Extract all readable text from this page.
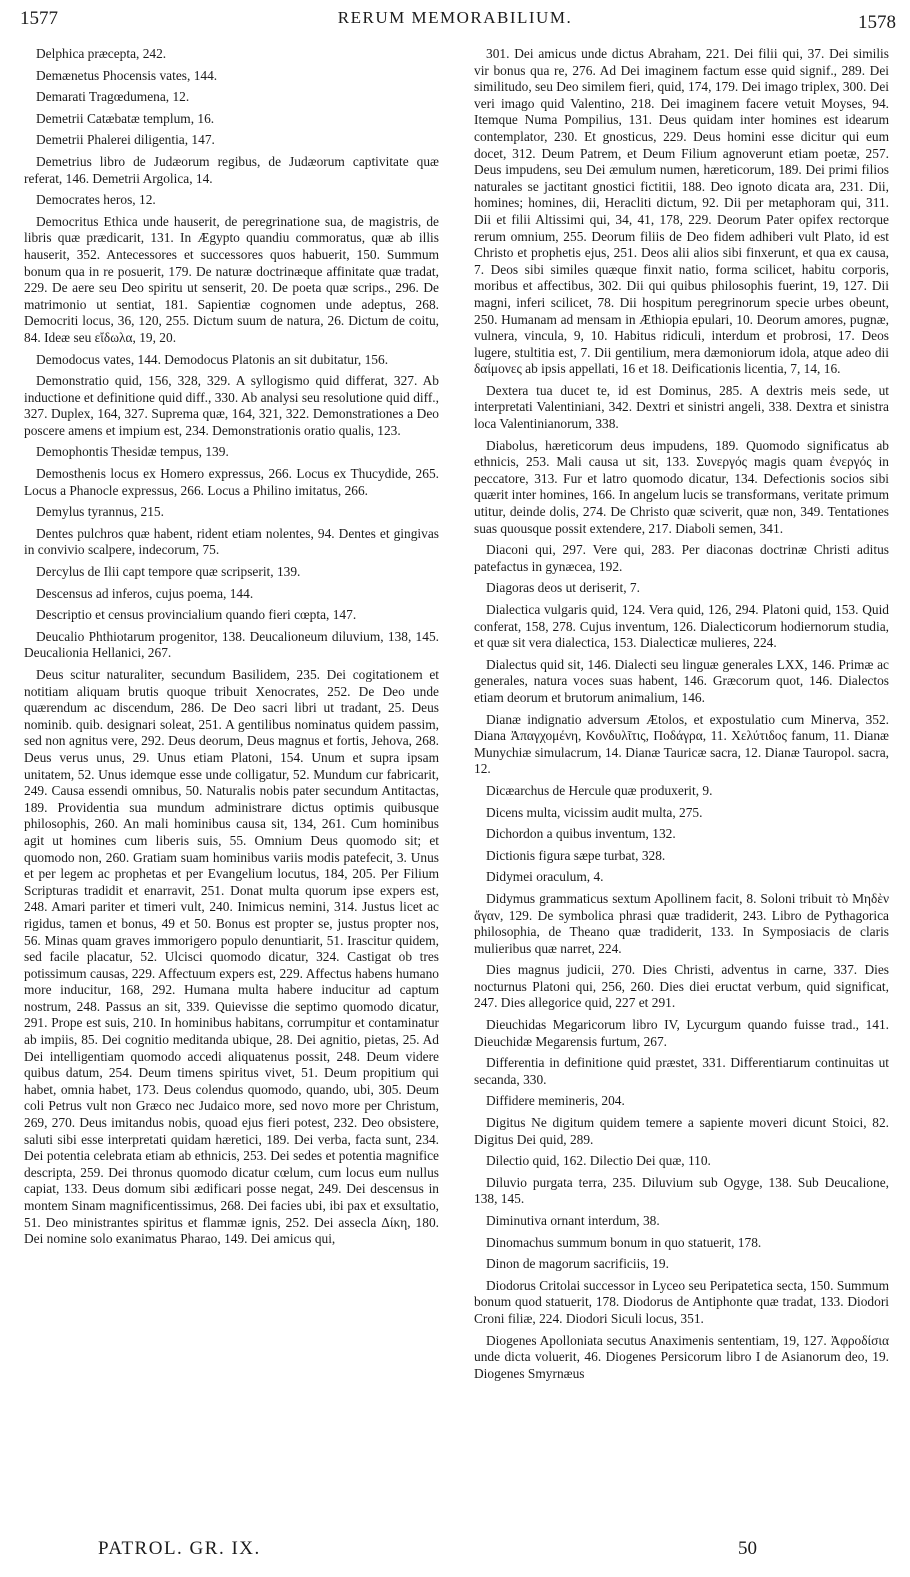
1577	RERUM MEMORABILIUM.	1578

Delphica præcepta, 242.

Demænetus Phocensis vates, 144.

Demarati Tragœdumena, 12.

Demetrii Catæbatæ templum, 16.

Demetrii Phalerei diligentia, 147.

Demetrius libro de Judæorum regibus, de Judæorum captivitate quæ referat, 146. Demetrii Argolica, 14.

Democrates heros, 12.

Democritus Ethica unde hauserit, de peregrinatione sua, de magistris, de libris quæ prædicarit, 131. In Ægypto quandiu commoratus, quæ ab illis hauserit, 352. Antecessores et successores quos habuerit, 150. Summum bonum qua in re posuerit, 179. De naturæ doctrinæque affinitate quæ tradat, 229. De aere seu Deo spiritu ut senserit, 20. De poeta quæ scrips., 296. De matrimonio ut sentiat, 181. Sapientiæ cognomen unde adeptus, 268. Democriti locus, 36, 120, 255. Dictum suum de natura, 26. Dictum de coitu, 84. Ideæ seu εἴδωλα, 19, 20.

Demodocus vates, 144. Demodocus Platonis an sit dubitatur, 156.

Demonstratio quid, 156, 328, 329. A syllogismo quid differat, 327. Ab inductione et definitione quid diff., 330. Ab analysi seu resolutione quid diff., 327. Duplex, 164, 327. Suprema quæ, 164, 321, 322. Demonstrationes a Deo poscere amens et impium est, 234. Demonstrationis oratio qualis, 123.

Demophontis Thesidæ tempus, 139.

Demosthenis locus ex Homero expressus, 266. Locus ex Thucydide, 265. Locus a Phanocle expressus, 266. Locus a Philino imitatus, 266.

Demylus tyrannus, 215.

Dentes pulchros quæ habent, rident etiam nolentes, 94. Dentes et gingivas in convivio scalpere, indecorum, 75.

Dercylus de Ilii capt tempore quæ scripserit, 139.

Descensus ad inferos, cujus poema, 144.

Descriptio et census provincialium quando fieri cœpta, 147.

Deucalio Phthiotarum progenitor, 138. Deucalioneum diluvium, 138, 145. Deucalionia Hellanici, 267.

Deus scitur naturaliter, secundum Basilidem, 235. Dei cogitationem et notitiam aliquam brutis quoque tribuit Xenocrates, 252. De Deo unde quærendum ac discendum, 286. De Deo sacri libri ut tradant, 25. Deus nominib. quib. designari soleat, 251. A gentilibus nominatus quidem passim, sed non agnitus vere, 292. Deus deorum, Deus magnus et fortis, Jehova, 268. Deus verus unus, 29. Unus etiam Platoni, 154. Unum et supra ipsam unitatem, 52. Unus idemque esse unde colligatur, 52. Mundum cur fabricarit, 249. Causa essendi omnibus, 50. Naturalis nobis pater secundum Antitactas, 189. Providentia sua mundum administrare dictus optimis quibusque philosophis, 260. An mali hominibus causa sit, 134, 261. Cum hominibus agit ut homines cum liberis suis, 55. Omnium Deus quomodo sit; et quomodo non, 260. Gratiam suam hominibus variis modis patefecit, 3. Unus et per legem ac prophetas et per Evangelium locutus, 184, 205. Per Filium Scripturas tradidit et enarravit, 251. Donat multa quorum ipse expers est, 248. Amari pariter et timeri vult, 240. Inimicus nemini, 314. Justus licet ac rigidus, tamen et bonus, 49 et 50. Bonus est propter se, justus propter nos, 56. Minas quam graves immorigero populo denuntiarit, 51. Irascitur quidem, sed facile placatur, 52. Ulcisci quomodo dicatur, 324. Castigat ob tres potissimum causas, 229. Affectuum expers est, 229. Affectus habens humano more inducitur, 168, 292. Humana multa habere inducitur ad captum nostrum, 248. Passus an sit, 339. Quievisse die septimo quomodo dicatur, 291. Prope est suis, 210. In hominibus habitans, corrumpitur et contaminatur ab impiis, 85. Dei cognitio meditanda ubique, 28. Dei agnitio, pietas, 25. Ad Dei intelligentiam quomodo accedi aliquatenus possit, 248. Deum videre quibus datum, 254. Deum timens spiritus vivet, 51. Deum propitium qui habet, omnia habet, 173. Deus colendus quomodo, quando, ubi, 305. Deum coli Petrus vult non Græco nec Judaico more, sed novo more per Christum, 269, 270. Deus imitandus nobis, quoad ejus fieri potest, 232. Deo obsistere, saluti sibi esse interpretati quidam hæretici, 189. Dei verba, facta sunt, 234. Dei potentia celebrata etiam ab ethnicis, 253. Dei sedes et potentia magnifice descripta, 259. Dei thronus quomodo dicatur cœlum, cum locus eum nullus capiat, 133. Deus domum sibi ædificari posse negat, 249. Dei descensus in montem Sinam magnificentissimus, 268. Dei facies ubi, ibi pax et exsultatio, 51. Deo ministrantes spiritus et flammæ ignis, 252. Dei assecla Δίκη, 180. Dei nomine solo exanimatus Pharao, 149. Dei amicus qui,

301. Dei amicus unde dictus Abraham, 221. Dei filii qui, 37. Dei similis vir bonus qua re, 276. Ad Dei imaginem factum esse quid signif., 289. Dei similitudo, seu Deo similem fieri, quid, 174, 179. Dei imago triplex, 300. Dei veri imago quid Valentino, 218. Dei imaginem facere vetuit Moyses, 94. Itemque Numa Pompilius, 131. Deus quidam inter homines est idearum contemplator, 230. Et gnosticus, 229. Deus homini esse dicitur qui eum docet, 312. Deum Patrem, et Deum Filium agnoverunt etiam poetæ, 257. Deus impudens, seu Dei æmulum numen, hæreticorum, 189. Dei primi filios naturales se jactitant gnostici fictitii, 188. Deo ignoto dicata ara, 231. Dii, homines; homines, dii, Heracliti dictum, 92. Dii per metaphoram qui, 311. Dii et filii Altissimi qui, 34, 41, 178, 229. Deorum Pater opifex rectorque rerum omnium, 255. Deorum filiis de Deo fidem adhiberi vult Plato, id est Christo et prophetis ejus, 251. Deos alii alios sibi finxerunt, et qua ex causa, 7. Deos sibi similes quæque finxit natio, forma scilicet, habitu corporis, moribus et affectibus, 302. Dii qui quibus philosophis fuerint, 19, 127. Dii magni, inferi scilicet, 78. Dii hospitum peregrinorum specie urbes obeunt, 250. Humanam ad mensam in Æthiopia epulari, 10. Deorum amores, pugnæ, vulnera, vincula, 9, 10. Habitus ridiculi, interdum et probrosi, 17. Deos lugere, stultitia est, 7. Dii gentilium, mera dæmoniorum idola, atque adeo dii δαίμονες ab ipsis appellati, 16 et 18. Deificationis licentia, 7, 14, 16.

Dextera tua ducet te, id est Dominus, 285. A dextris meis sede, ut interpretati Valentiniani, 342. Dextri et sinistri angeli, 338. Dextra et sinistra loca Valentinianorum, 338.

Diabolus, hæreticorum deus impudens, 189. Quomodo significatus ab ethnicis, 253. Mali causa ut sit, 133. Συνεργός magis quam ἐνεργός in peccatore, 313. Fur et latro quomodo dicatur, 134. Defectionis socios sibi quærit inter homines, 166. In angelum lucis se transformans, veritate primum utitur, deinde dolis, 274. De Christo quæ sciverit, quæ non, 349. Tentationes suas quousque possit extendere, 217. Diaboli semen, 341.

Diaconi qui, 297. Vere qui, 283. Per diaconas doctrinæ Christi aditus patefactus in gynæcea, 192.

Diagoras deos ut deriserit, 7.

Dialectica vulgaris quid, 124. Vera quid, 126, 294. Platoni quid, 153. Quid conferat, 158, 278. Cujus inventum, 126. Dialecticorum hodiernorum studia, et quæ sit vera dialectica, 153. Dialecticæ mulieres, 224.

Dialectus quid sit, 146. Dialecti seu linguæ generales LXX, 146. Primæ ac generales, natura voces suas habent, 146. Græcorum quot, 146. Dialectos etiam deorum et brutorum animalium, 146.

Dianæ indignatio adversum Ætolos, et expostulatio cum Minerva, 352. Diana Ἀπαγχομένη, Κονδυλῖτις, Ποδάγρα, 11. Χελύτιδος fanum, 11. Dianæ Munychiæ simulacrum, 14. Dianæ Tauricæ sacra, 12. Dianæ Tauropol. sacra, 12.

Dicæarchus de Hercule quæ produxerit, 9.

Dicens multa, vicissim audit multa, 275.

Dichordon a quibus inventum, 132.

Dictionis figura sæpe turbat, 328.

Didymei oraculum, 4.

Didymus grammaticus sextum Apollinem facit, 8. Soloni tribuit τὸ Μηδὲν ἄγαν, 129. De symbolica phrasi quæ tradiderit, 243. Libro de Pythagorica philosophia, de Theano quæ tradiderit, 133. In Symposiacis de claris mulieribus quæ narret, 224.

Dies magnus judicii, 270. Dies Christi, adventus in carne, 337. Dies nocturnus Platoni qui, 256, 260. Dies diei eructat verbum, quid significat, 247. Dies allegorice quid, 227 et 291.

Dieuchidas Megaricorum libro IV, Lycurgum quando fuisse trad., 141. Dieuchidæ Megarensis furtum, 267.

Differentia in definitione quid præstet, 331. Differentiarum continuitas ut secanda, 330.

Diffidere memineris, 204.

Digitus Ne digitum quidem temere a sapiente moveri dicunt Stoici, 82. Digitus Dei quid, 289.

Dilectio quid, 162. Dilectio Dei quæ, 110.

Diluvio purgata terra, 235. Diluvium sub Ogyge, 138. Sub Deucalione, 138, 145.

Diminutiva ornant interdum, 38.

Dinomachus summum bonum in quo statuerit, 178.

Dinon de magorum sacrificiis, 19.

Diodorus Critolai successor in Lyceo seu Peripatetica secta, 150. Summum bonum quod statuerit, 178. Diodorus de Antiphonte quæ tradat, 133. Diodori Croni filiæ, 224. Diodori Siculi locus, 351.

Diogenes Apolloniata secutus Anaximenis sententiam, 19, 127. Ἀφροδίσια unde dicta voluerit, 46. Diogenes Persicorum libro I de Asianorum deo, 19. Diogenes Smyrnæus

PATROL. GR. IX.	50
